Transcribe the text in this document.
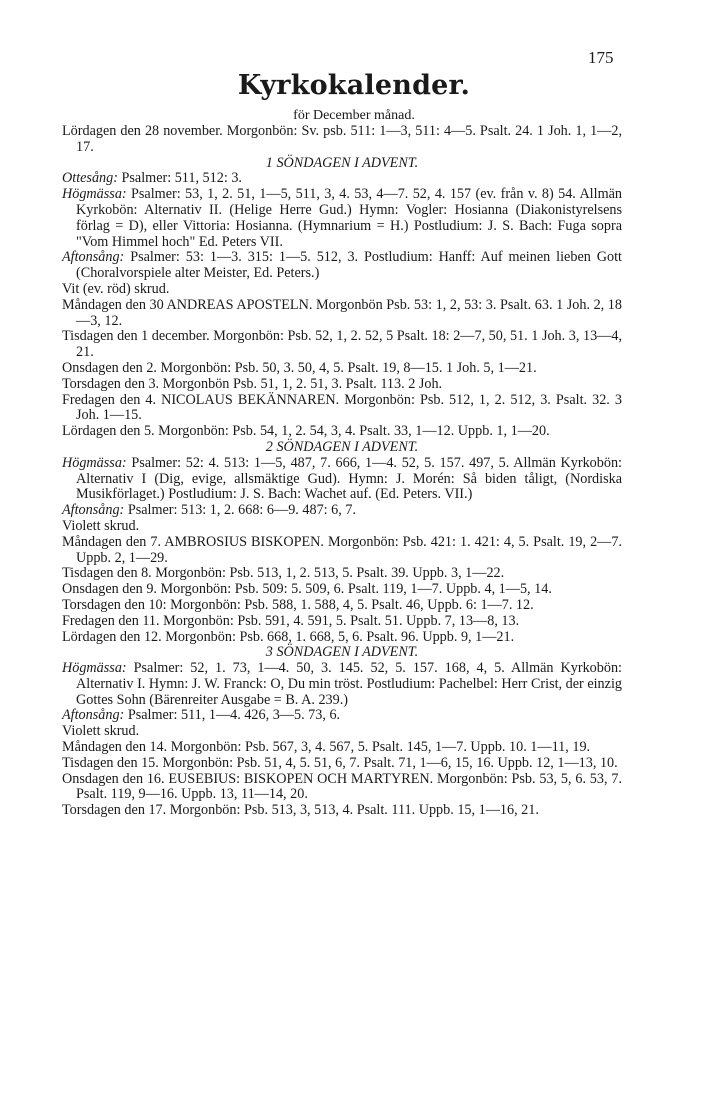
175
Kyrkokalender.
för December månad.
Lördagen den 28 november. Morgonbön: Sv. psb. 511: 1—3, 511: 4—5. Psalt. 24. 1 Joh. 1, 1—2, 17.
1 SÖNDAGEN I ADVENT.
Ottesång: Psalmer: 511, 512: 3.
Högmässa: Psalmer: 53, 1, 2. 51, 1—5, 511, 3, 4. 53, 4—7. 52, 4. 157 (ev. från v. 8) 54. Allmän Kyrkobön: Alternativ II. (Helige Herre Gud.) Hymn: Vogler: Hosianna (Diakonistyrelsens förlag = D), eller Vittoria: Hosianna. (Hymnarium = H.) Postludium: J. S. Bach: Fuga sopra "Vom Himmel hoch" Ed. Peters VII.
Aftonsång: Psalmer: 53: 1—3. 315: 1—5. 512, 3. Postludium: Hanff: Auf meinen lieben Gott (Choralvorspiele alter Meister, Ed. Peters.)
Vit (ev. röd) skrud.
Måndagen den 30 ANDREAS APOSTELN. Morgonbön Psb. 53: 1, 2, 53: 3. Psalt. 63. 1 Joh. 2, 18—3, 12.
Tisdagen den 1 december. Morgonbön: Psb. 52, 1, 2. 52, 5 Psalt. 18: 2—7, 50, 51. 1 Joh. 3, 13—4, 21.
Onsdagen den 2. Morgonbön: Psb. 50, 3. 50, 4, 5. Psalt. 19, 8—15. 1 Joh. 5, 1—21.
Torsdagen den 3. Morgonbön Psb. 51, 1, 2. 51, 3. Psalt. 113. 2 Joh.
Fredagen den 4. NICOLAUS BEKÄNNAREN. Morgonbön: Psb. 512, 1, 2. 512, 3. Psalt. 32. 3 Joh. 1—15.
Lördagen den 5. Morgonbön: Psb. 54, 1, 2. 54, 3, 4. Psalt. 33, 1—12. Uppb. 1, 1—20.
2 SÖNDAGEN I ADVENT.
Högmässa: Psalmer: 52: 4. 513: 1—5, 487, 7. 666, 1—4. 52, 5. 157. 497, 5. Allmän Kyrkobön: Alternativ I (Dig, evige, allsmäktige Gud). Hymn: J. Morén: Så biden tåligt, (Nordiska Musikförlaget.) Postludium: J. S. Bach: Wachet auf. (Ed. Peters. VII.)
Aftonsång: Psalmer: 513: 1, 2. 668: 6—9. 487: 6, 7.
Violett skrud.
Måndagen den 7. AMBROSIUS BISKOPEN. Morgonbön: Psb. 421: 1. 421: 4, 5. Psalt. 19, 2—7. Uppb. 2, 1—29.
Tisdagen den 8. Morgonbön: Psb. 513, 1, 2. 513, 5. Psalt. 39. Uppb. 3, 1—22.
Onsdagen den 9. Morgonbön: Psb. 509: 5. 509, 6. Psalt. 119, 1—7. Uppb. 4, 1—5, 14.
Torsdagen den 10: Morgonbön: Psb. 588, 1. 588, 4, 5. Psalt. 46, Uppb. 6: 1—7. 12.
Fredagen den 11. Morgonbön: Psb. 591, 4. 591, 5. Psalt. 51. Uppb. 7, 13—8, 13.
Lördagen den 12. Morgonbön: Psb. 668, 1. 668, 5, 6. Psalt. 96. Uppb. 9, 1—21.
3 SÖNDAGEN I ADVENT.
Högmässa: Psalmer: 52, 1. 73, 1—4. 50, 3. 145. 52, 5. 157. 168, 4, 5. Allmän Kyrkobön: Alternativ I. Hymn: J. W. Franck: O, Du min tröst. Postludium: Pachelbel: Herr Crist, der einzig Gottes Sohn (Bärenreiter Ausgabe = B. A. 239.)
Aftonsång: Psalmer: 511, 1—4. 426, 3—5. 73, 6.
Violett skrud.
Måndagen den 14. Morgonbön: Psb. 567, 3, 4. 567, 5. Psalt. 145, 1—7. Uppb. 10. 1—11, 19.
Tisdagen den 15. Morgonbön: Psb. 51, 4, 5. 51, 6, 7. Psalt. 71, 1—6, 15, 16. Uppb. 12, 1—13, 10.
Onsdagen den 16. EUSEBIUS: BISKOPEN OCH MARTYREN. Morgonbön: Psb. 53, 5, 6. 53, 7. Psalt. 119, 9—16. Uppb. 13, 11—14, 20.
Torsdagen den 17. Morgonbön: Psb. 513, 3, 513, 4. Psalt. 111. Uppb. 15, 1—16, 21.
